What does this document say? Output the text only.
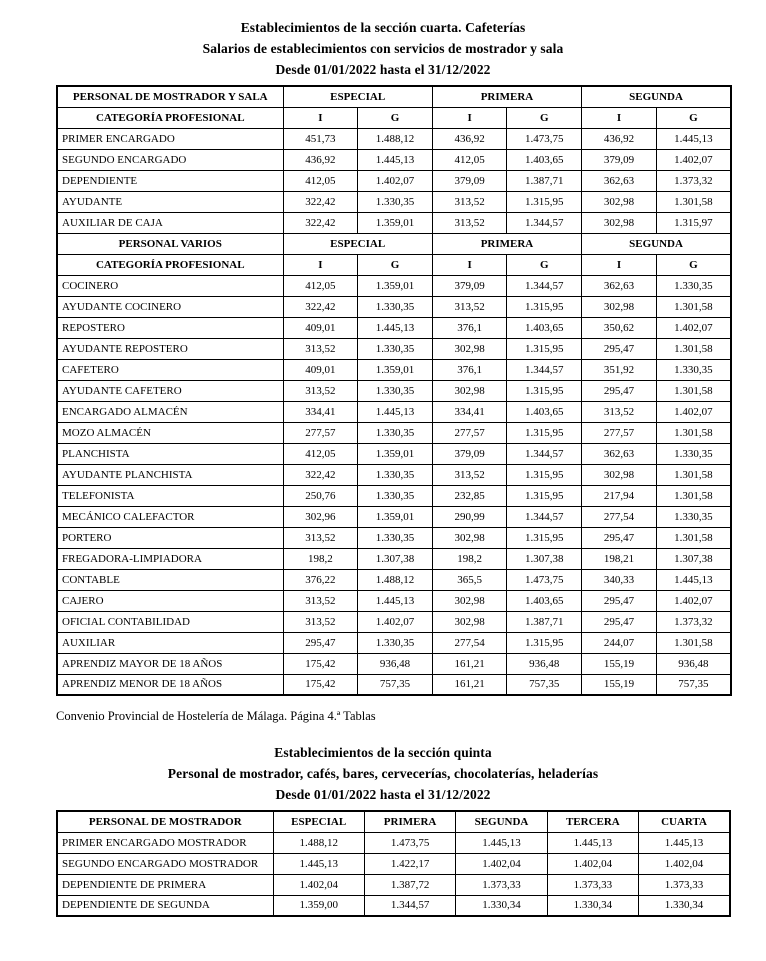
Establecimientos de la sección cuarta. Cafeterías
Salarios de establecimientos con servicios de mostrador y sala
Desde 01/01/2022 hasta el 31/12/2022
PERSONAL DE MOSTRADOR Y SALA	ESPECIAL		PRIMERA		SEGUNDA	
CATEGORÍA PROFESIONAL	I	G	I	G	I	G
PRIMER ENCARGADO	451,73	1.488,12	436,92	1.473,75	436,92	1.445,13
SEGUNDO ENCARGADO	436,92	1.445,13	412,05	1.403,65	379,09	1.402,07
DEPENDIENTE	412,05	1.402,07	379,09	1.387,71	362,63	1.373,32
AYUDANTE	322,42	1.330,35	313,52	1.315,95	302,98	1.301,58
AUXILIAR DE CAJA	322,42	1.359,01	313,52	1.344,57	302,98	1.315,97
PERSONAL VARIOS	ESPECIAL		PRIMERA		SEGUNDA	
CATEGORÍA PROFESIONAL	I	G	I	G	I	G
COCINERO	412,05	1.359,01	379,09	1.344,57	362,63	1.330,35
AYUDANTE COCINERO	322,42	1.330,35	313,52	1.315,95	302,98	1.301,58
REPOSTERO	409,01	1.445,13	376,1	1.403,65	350,62	1.402,07
AYUDANTE REPOSTERO	313,52	1.330,35	302,98	1.315,95	295,47	1.301,58
CAFETERO	409,01	1.359,01	376,1	1.344,57	351,92	1.330,35
AYUDANTE CAFETERO	313,52	1.330,35	302,98	1.315,95	295,47	1.301,58
ENCARGADO ALMACÉN	334,41	1.445,13	334,41	1.403,65	313,52	1.402,07
MOZO ALMACÉN	277,57	1.330,35	277,57	1.315,95	277,57	1.301,58
PLANCHISTA	412,05	1.359,01	379,09	1.344,57	362,63	1.330,35
AYUDANTE PLANCHISTA	322,42	1.330,35	313,52	1.315,95	302,98	1.301,58
TELEFONISTA	250,76	1.330,35	232,85	1.315,95	217,94	1.301,58
MECÁNICO CALEFACTOR	302,96	1.359,01	290,99	1.344,57	277,54	1.330,35
PORTERO	313,52	1.330,35	302,98	1.315,95	295,47	1.301,58
FREGADORA-LIMPIADORA	198,2	1.307,38	198,2	1.307,38	198,21	1.307,38
CONTABLE	376,22	1.488,12	365,5	1.473,75	340,33	1.445,13
CAJERO	313,52	1.445,13	302,98	1.403,65	295,47	1.402,07
OFICIAL CONTABILIDAD	313,52	1.402,07	302,98	1.387,71	295,47	1.373,32
AUXILIAR	295,47	1.330,35	277,54	1.315,95	244,07	1.301,58
APRENDIZ MAYOR DE 18 AÑOS	175,42	936,48	161,21	936,48	155,19	936,48
APRENDIZ MENOR DE 18 AÑOS	175,42	757,35	161,21	757,35	155,19	757,35
Convenio Provincial de Hostelería de Málaga. Página 4.ª Tablas
Establecimientos de la sección quinta
Personal de mostrador, cafés, bares, cervecerías, chocolaterías, heladerías
Desde 01/01/2022 hasta el 31/12/2022
PERSONAL DE MOSTRADOR	ESPECIAL	PRIMERA	SEGUNDA	TERCERA	CUARTA
PRIMER ENCARGADO MOSTRADOR	1.488,12	1.473,75	1.445,13	1.445,13	1.445,13
SEGUNDO ENCARGADO MOSTRADOR	1.445,13	1.422,17	1.402,04	1.402,04	1.402,04
DEPENDIENTE DE PRIMERA	1.402,04	1.387,72	1.373,33	1.373,33	1.373,33
DEPENDIENTE DE SEGUNDA	1.359,00	1.344,57	1.330,34	1.330,34	1.330,34
